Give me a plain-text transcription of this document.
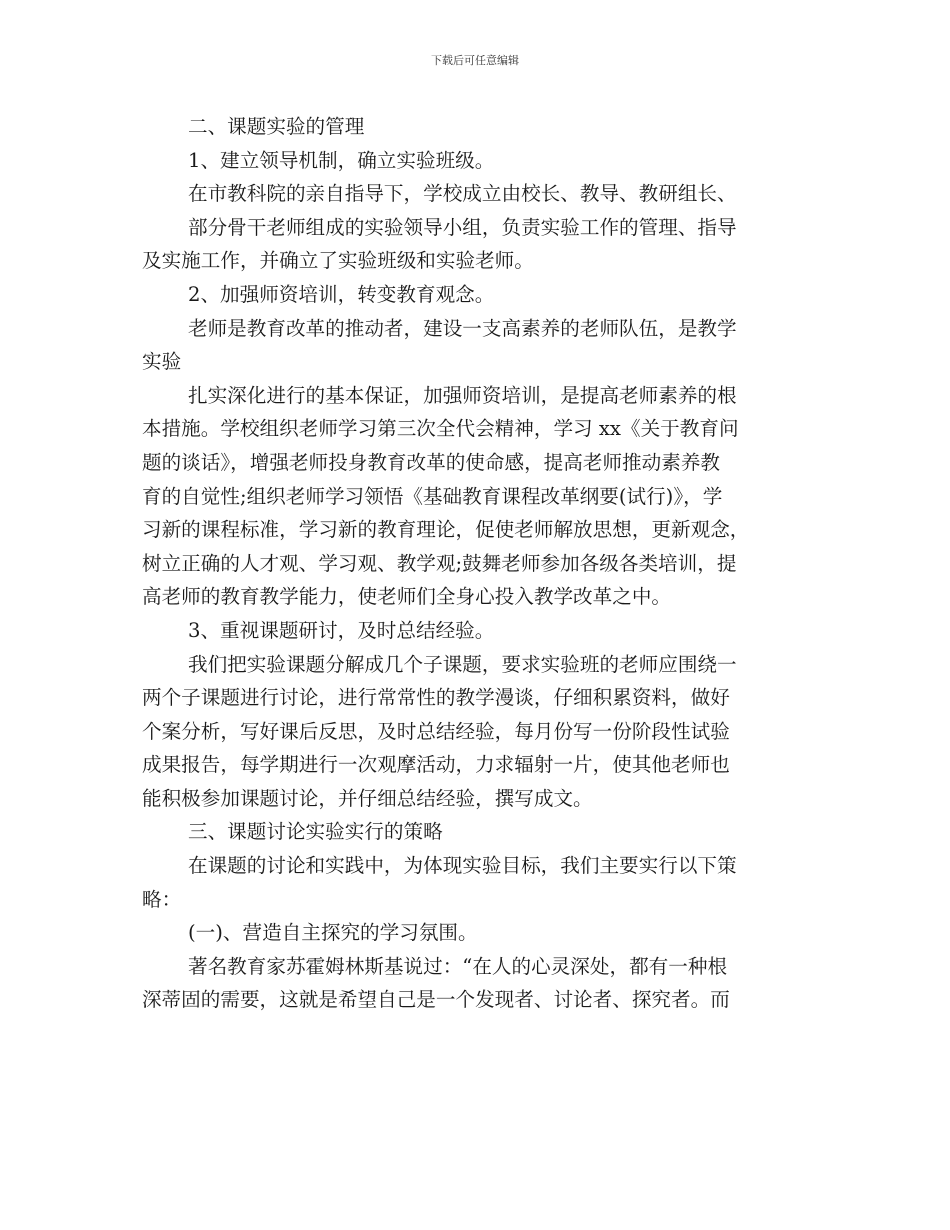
下载后可任意编辑
二、课题实验的管理
1、建立领导机制，确立实验班级。
在市教科院的亲自指导下，学校成立由校长、教导、教研组长、
部分骨干老师组成的实验领导小组，负责实验工作的管理、指导
及实施工作，并确立了实验班级和实验老师。
2、加强师资培训，转变教育观念。
老师是教育改革的推动者，建设一支高素养的老师队伍，是教学
实验
扎实深化进行的基本保证，加强师资培训，是提高老师素养的根
本措施。学校组织老师学习第三次全代会精神，学习 xx《关于教育问
题的谈话》，增强老师投身教育改革的使命感，提高老师推动素养教
育的自觉性;组织老师学习领悟《基础教育课程改革纲要(试行)》，学
习新的课程标准，学习新的教育理论，促使老师解放思想，更新观念，
树立正确的人才观、学习观、教学观;鼓舞老师参加各级各类培训，提
高老师的教育教学能力，使老师们全身心投入教学改革之中。
3、重视课题研讨，及时总结经验。
我们把实验课题分解成几个子课题，要求实验班的老师应围绕一
两个子课题进行讨论，进行常常性的教学漫谈，仔细积累资料，做好
个案分析，写好课后反思，及时总结经验，每月份写一份阶段性试验
成果报告，每学期进行一次观摩活动，力求辐射一片，使其他老师也
能积极参加课题讨论，并仔细总结经验，撰写成文。
三、课题讨论实验实行的策略
在课题的讨论和实践中，为体现实验目标，我们主要实行以下策
略：
(一)、营造自主探究的学习氛围。
著名教育家苏霍姆林斯基说过：“在人的心灵深处，都有一种根
深蒂固的需要，这就是希望自己是一个发现者、讨论者、探究者。而
